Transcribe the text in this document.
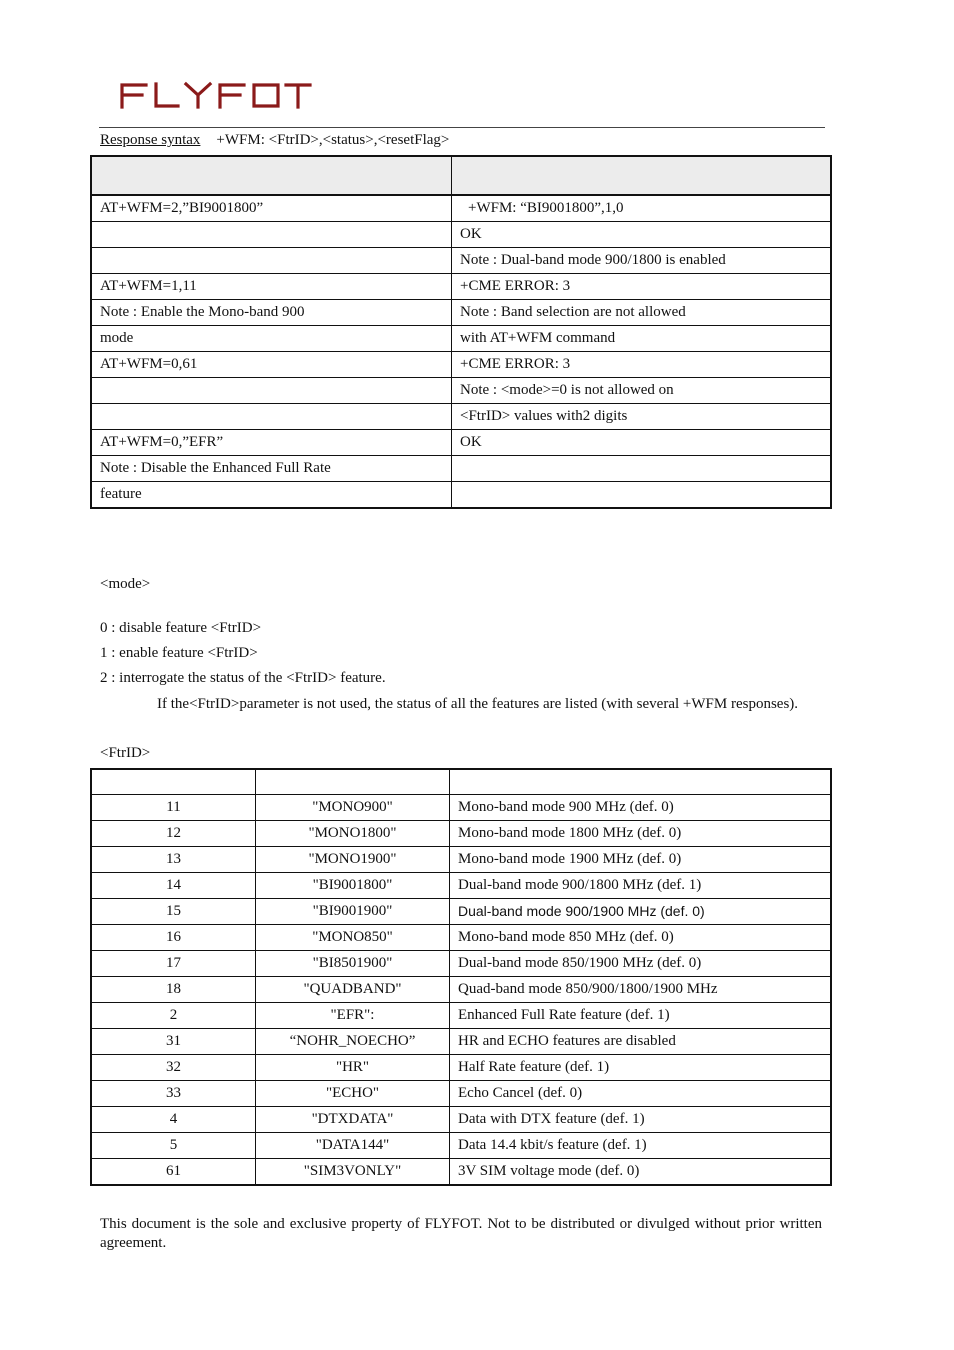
Response syntax +WFM: <FtrID>,<status>,<resetFlag>

AT+WFM=2,”BI9001800”	+WFM: “BI9001800”,1,0
	OK
	Note : Dual-band mode 900/1800 is enabled
AT+WFM=1,11	+CME ERROR: 3
Note : Enable the Mono-band 900	Note : Band selection are not allowed
mode	with AT+WFM command
AT+WFM=0,61	+CME ERROR: 3
	Note : <mode>=0 is not allowed on
	<FtrID> values with2 digits
AT+WFM=0,”EFR”	OK
Note : Disable the Enhanced Full Rate	
feature	
<mode>
0 : disable feature <FtrID>
1 : enable feature <FtrID>
2 : interrogate the status of the <FtrID> feature.
If the<FtrID>parameter is not used, the status of all the features are listed (with several +WFM responses).
<FtrID>

11	"MONO900"	Mono-band mode 900 MHz (def. 0)
12	"MONO1800"	Mono-band mode 1800 MHz (def. 0)
13	"MONO1900"	Mono-band mode 1900 MHz (def. 0)
14	"BI9001800"	Dual-band mode 900/1800 MHz (def. 1)
15	"BI9001900"	Dual-band mode 900/1900 MHz (def. 0)
16	"MONO850"	Mono-band mode 850 MHz (def. 0)
17	"BI8501900"	Dual-band mode 850/1900 MHz (def. 0)
18	"QUADBAND"	Quad-band mode 850/900/1800/1900 MHz
2	"EFR":	Enhanced Full Rate feature (def. 1)
31	“NOHR_NOECHO”	HR and ECHO features are disabled
32	"HR"	Half Rate feature (def. 1)
33	"ECHO"	Echo Cancel (def. 0)
4	"DTXDATA"	Data with DTX feature (def. 1)
5	"DATA144"	Data 14.4 kbit/s feature (def. 1)
61	"SIM3VONLY"	3V SIM voltage mode (def. 0)
This document is the sole and exclusive property of FLYFOT. Not to be distributed or divulged without prior written agreement.
